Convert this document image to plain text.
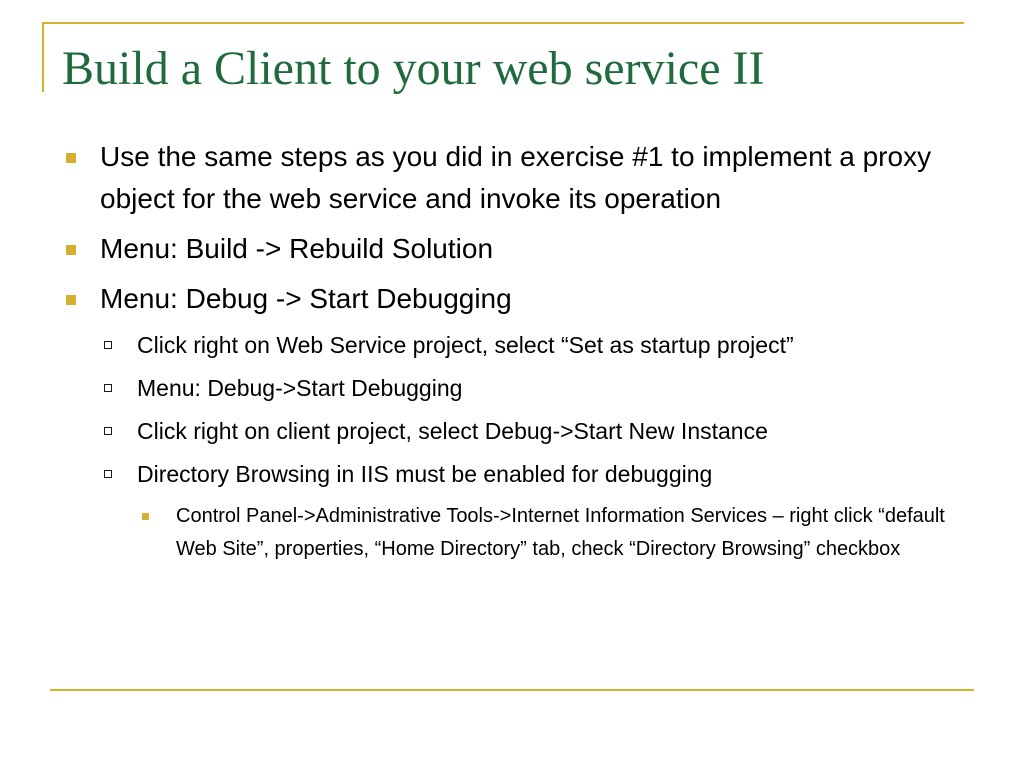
Build a Client to your web service II
Use the same steps as you did in exercise #1 to implement a proxy object for the web service and invoke its operation
Menu: Build -> Rebuild Solution
Menu: Debug -> Start Debugging
Click right on Web Service project, select “Set as startup project”
Menu: Debug->Start Debugging
Click right on client project, select Debug->Start New Instance
Directory Browsing in IIS must be enabled for debugging
Control Panel->Administrative Tools->Internet Information Services – right click “default Web Site”, properties, “Home Directory” tab, check “Directory Browsing” checkbox
